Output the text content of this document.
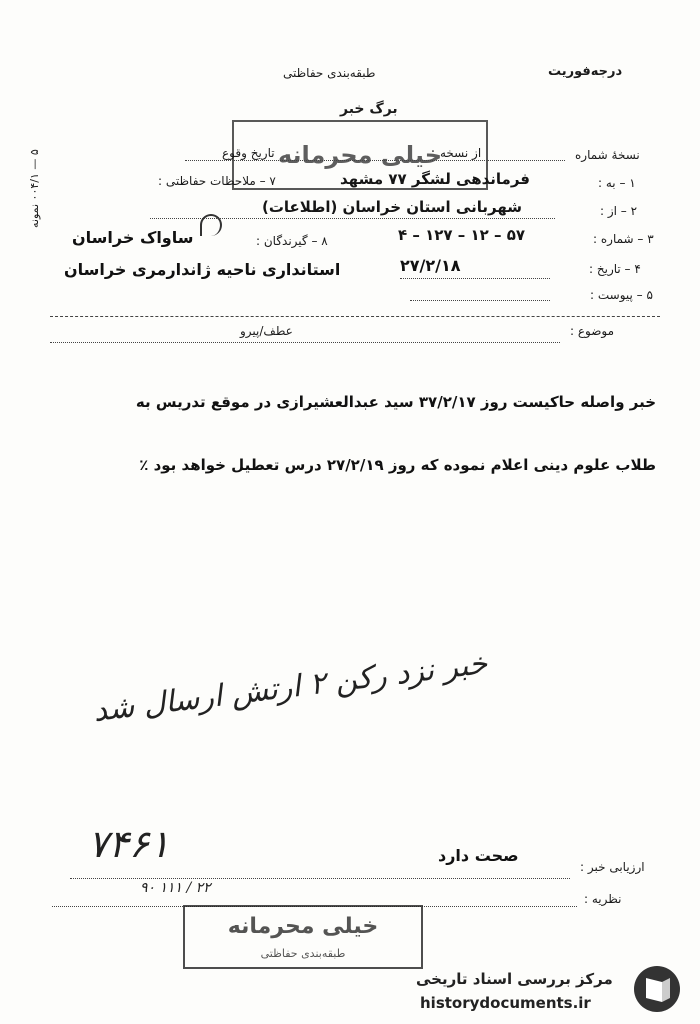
۵ — ۰۰۴/۱ نمونه
درجه‌فوریت
طبقه‌بندی حفاظتی
برگ خبر
خیلی محرمانه	نسخهٔ شماره
از نسخه
تاریخ وقوع
۱ – به :
فرماندهی لشگر ۷۷ مشهد
۷ – ملاحظات حفاظتی :
۲ – از :
شهربانی استان خراسان (اطلاعات)
۳ – شماره :
۴ – ۱۲۷ – ۱۲ – ۵۷
۸ – گیرندگان :
ساواک خراسان
۴ – تاریخ :
۲۷/۲/۱۸
استانداری ناحیه ژاندارمری خراسان
۵ – پیوست :
موضوع :
عطف/پیرو
خبر واصله حاکیست روز ۳۷/۲/۱۷ سید عبدالعشیرازی در موقع تدریس به
طلاب علوم دینی اعلام نموده که روز ۲۷/۲/۱۹ درس تعطیل خواهد بود ٪
خبر نزد رکن ۲ ارتش ارسال شد
۷۴۶۱
۹۰ ۱۱۱ / ۲۲
صحت دارد
ارزیابی خبر :
نظریه :
خیلی محرمانه
طبقه‌بندی حفاظتی
مرکز بررسی اسناد تاریخی
historydocuments.ir
